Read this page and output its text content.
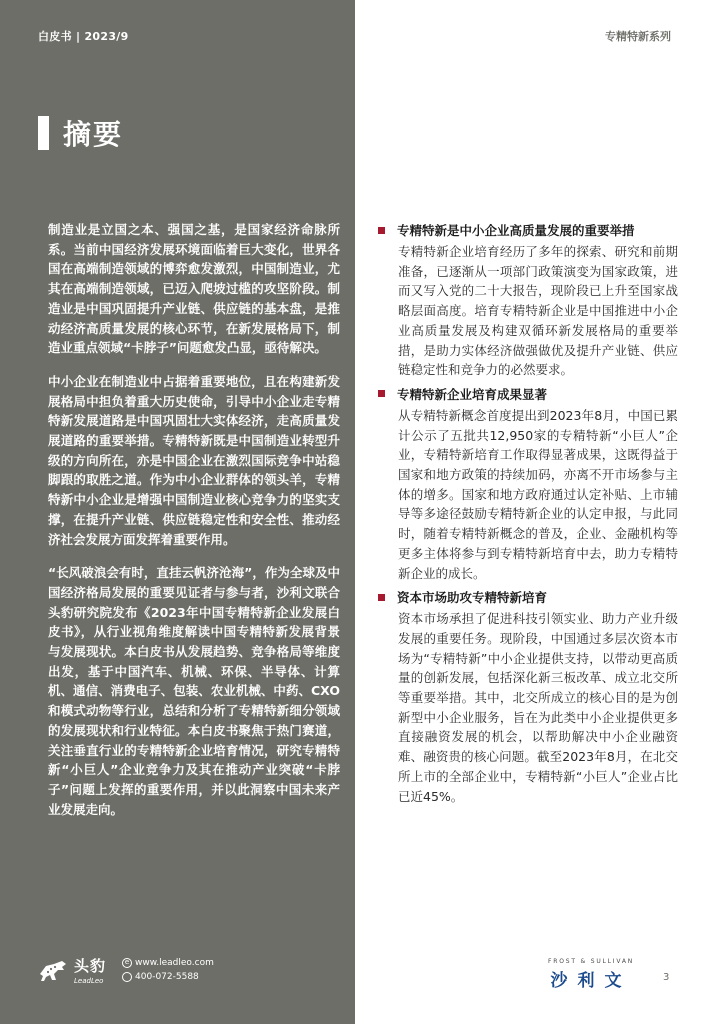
白皮书 | 2023/9	专精特新系列
摘要

制造业是立国之本、强国之基，是国家经济命脉所系。当前中国经济发展环境面临着巨大变化，世界各国在高端制造领域的博弈愈发激烈，中国制造业，尤其在高端制造领域，已迈入爬坡过槛的攻坚阶段。制造业是中国巩固提升产业链、供应链的基本盘，是推动经济高质量发展的核心环节，在新发展格局下，制造业重点领域“卡脖子”问题愈发凸显，亟待解决。

中小企业在制造业中占据着重要地位，且在构建新发展格局中担负着重大历史使命，引导中小企业走专精特新发展道路是中国巩固壮大实体经济，走高质量发展道路的重要举措。专精特新既是中国制造业转型升级的方向所在，亦是中国企业在激烈国际竞争中站稳脚跟的取胜之道。作为中小企业群体的领头羊，专精特新中小企业是增强中国制造业核心竞争力的坚实支撑，在提升产业链、供应链稳定性和安全性、推动经济社会发展方面发挥着重要作用。

“长风破浪会有时，直挂云帆济沧海”，作为全球及中国经济格局发展的重要见证者与参与者，沙利文联合头豹研究院发布《2023年中国专精特新企业发展白皮书》，从行业视角维度解读中国专精特新发展背景与发展现状。本白皮书从发展趋势、竞争格局等维度出发，基于中国汽车、机械、环保、半导体、计算机、通信、消费电子、包装、农业机械、中药、CXO和模式动物等行业，总结和分析了专精特新细分领域的发展现状和行业特征。本白皮书聚焦于热门赛道，关注垂直行业的专精特新企业培育情况，研究专精特新“小巨人”企业竞争力及其在推动产业突破“卡脖子”问题上发挥的重要作用，并以此洞察中国未来产业发展走向。

专精特新是中小企业高质量发展的重要举措

专精特新企业培育经历了多年的探索、研究和前期准备，已逐渐从一项部门政策演变为国家政策，进而又写入党的二十大报告，现阶段已上升至国家战略层面高度。培育专精特新企业是中国推进中小企业高质量发展及构建双循环新发展格局的重要举措，是助力实体经济做强做优及提升产业链、供应链稳定性和竞争力的必然要求。

专精特新企业培育成果显著

从专精特新概念首度提出到2023年8月，中国已累计公示了五批共12,950家的专精特新“小巨人”企业，专精特新培育工作取得显著成果，这既得益于国家和地方政策的持续加码，亦离不开市场参与主体的增多。国家和地方政府通过认定补贴、上市辅导等多途径鼓励专精特新企业的认定申报，与此同时，随着专精特新概念的普及，企业、金融机构等更多主体将参与到专精特新培育中去，助力专精特新企业的成长。

资本市场助攻专精特新培育

资本市场承担了促进科技引领实业、助力产业升级发展的重要任务。现阶段，中国通过多层次资本市场为“专精特新”中小企业提供支持，以带动更高质量的创新发展，包括深化新三板改革、成立北交所等重要举措。其中，北交所成立的核心目的是为创新型中小企业服务，旨在为此类中小企业提供更多直接融资发展的机会，以帮助解决中小企业融资难、融资贵的核心问题。截至2023年8月，在北交所上市的全部企业中，专精特新“小巨人”企业占比已近45%。

头豹
LeadLeo
e www.leadleo.com
400-072-5588
FROST & SULLIVAN
沙利文	3
